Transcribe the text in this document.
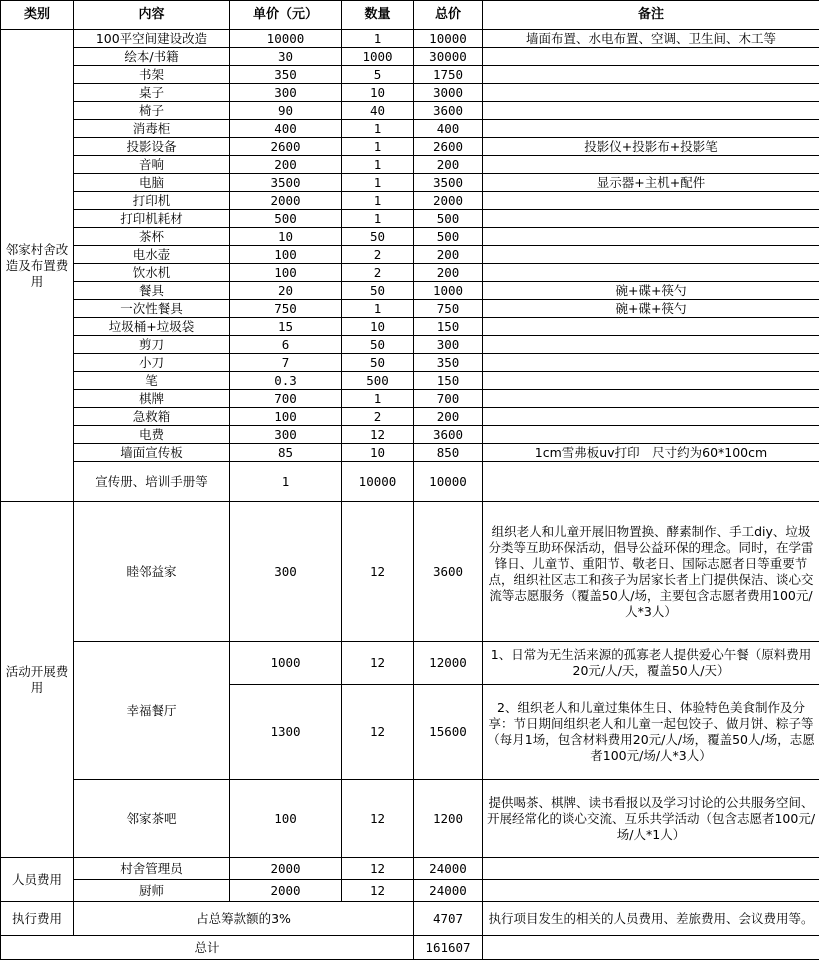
类别	内容	单价（元）	数量	总价	备注
邻家村舍改造及布置费用	100平空间建设改造	10000	1	10000	墙面布置、水电布置、空调、卫生间、木工等
	绘本/书籍	30	1000	30000	
	书架	350	5	1750	
	桌子	300	10	3000	
	椅子	90	40	3600	
	消毒柜	400	1	400	
	投影设备	2600	1	2600	投影仪+投影布+投影笔
	音响	200	1	200	
	电脑	3500	1	3500	显示器+主机+配件
	打印机	2000	1	2000	
	打印机耗材	500	1	500	
	茶杯	10	50	500	
	电水壶	100	2	200	
	饮水机	100	2	200	
	餐具	20	50	1000	碗+碟+筷勺
	一次性餐具	750	1	750	碗+碟+筷勺
	垃圾桶+垃圾袋	15	10	150	
	剪刀	6	50	300	
	小刀	7	50	350	
	笔	0.3	500	150	
	棋牌	700	1	700	
	急救箱	100	2	200	
	电费	300	12	3600	
	墙面宣传板	85	10	850	1cm雪弗板uv打印　尺寸约为60*100cm
	宣传册、培训手册等	1	10000	10000	
活动开展费用	睦邻益家	300	12	3600	组织老人和儿童开展旧物置换、酵素制作、手工diy、垃圾分类等互助环保活动，倡导公益环保的理念。同时，在学雷锋日、儿童节、重阳节、敬老日、国际志愿者日等重要节点，组织社区志工和孩子为居家长者上门提供保洁、谈心交流等志愿服务（覆盖50人/场，主要包含志愿者费用100元/人*3人）
	幸福餐厅	1000	12	12000	1、日常为无生活来源的孤寡老人提供爱心午餐（原料费用20元/人/天，覆盖50人/天）
		1300	12	15600	2、组织老人和儿童过集体生日、体验特色美食制作及分享：节日期间组织老人和儿童一起包饺子、做月饼、粽子等（每月1场，包含材料费用20元/人/场，覆盖50人/场，志愿者100元/场/人*3人）
	邻家茶吧	100	12	1200	提供喝茶、棋牌、读书看报以及学习讨论的公共服务空间、开展经常化的谈心交流、互乐共学活动（包含志愿者100元/场/人*1人）
人员费用	村舍管理员	2000	12	24000	
	厨师	2000	12	24000	
执行费用	占总筹款额的3%			4707	执行项目发生的相关的人员费用、差旅费用、会议费用等。
总计				161607	
